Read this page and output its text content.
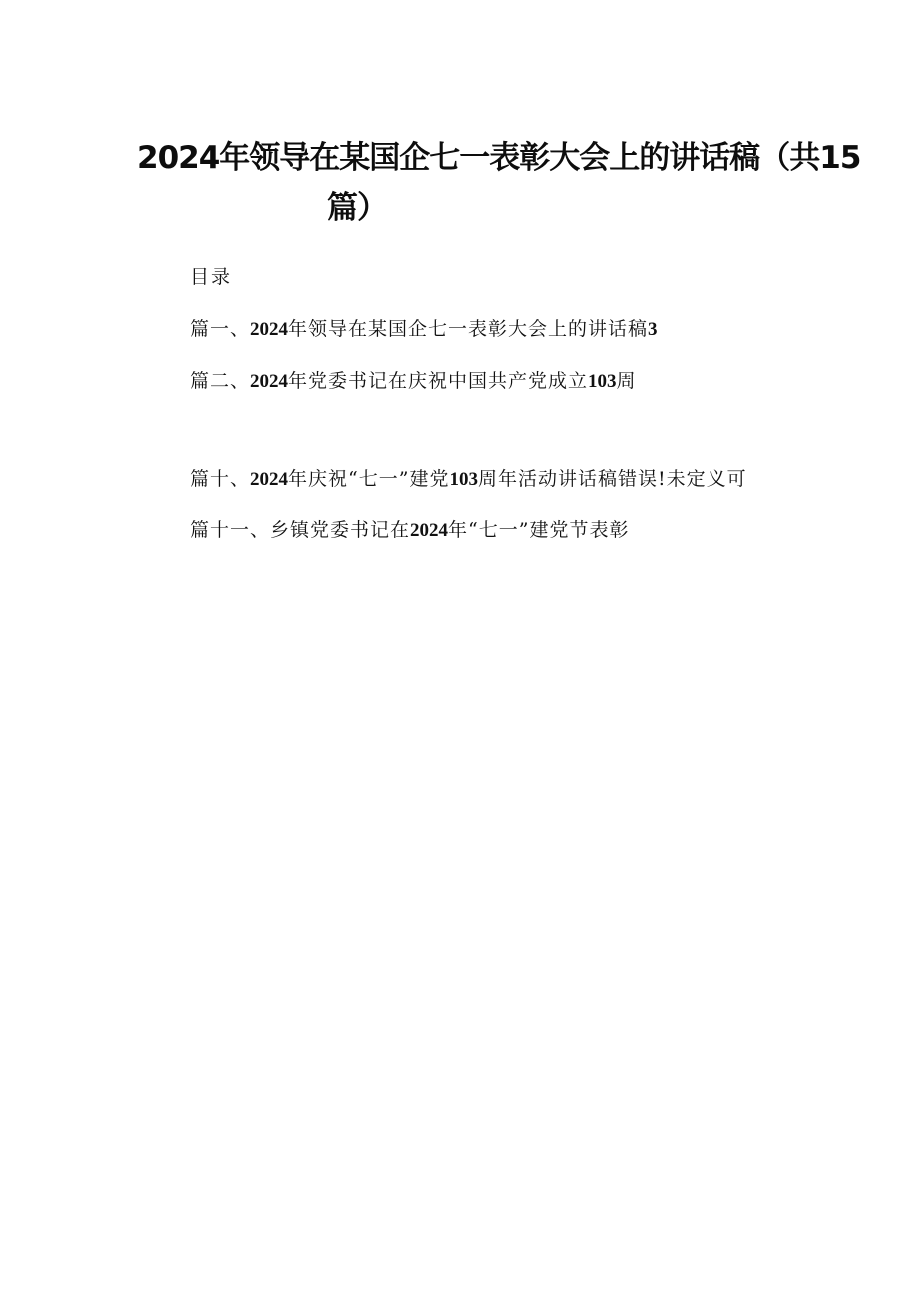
2024年领导在某国企七一表彰大会上的讲话稿（共15
篇）
目录
篇一、2024年领导在某国企七一表彰大会上的讲话稿3
篇二、2024年党委书记在庆祝中国共产党成立103周
篇十、2024年庆祝“七一”建党103周年活动讲话稿错误!未定义可
篇十一、乡镇党委书记在2024年“七一”建党节表彰
